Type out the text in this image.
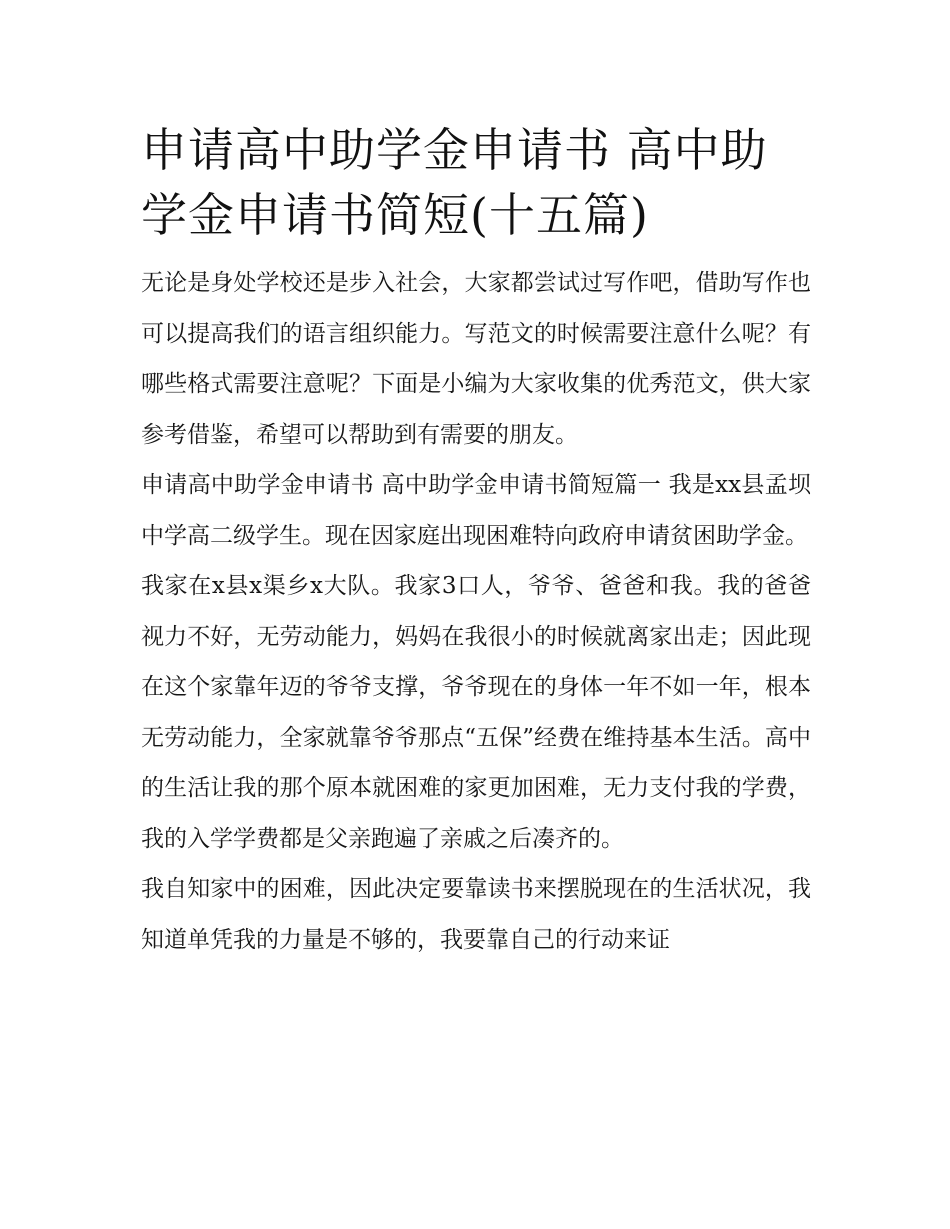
申请高中助学金申请书 高中助学金申请书简短(十五篇)

无论是身处学校还是步入社会，大家都尝试过写作吧，借助写作也可以提高我们的语言组织能力。写范文的时候需要注意什么呢？有哪些格式需要注意呢？下面是小编为大家收集的优秀范文，供大家参考借鉴，希望可以帮助到有需要的朋友。

申请高中助学金申请书 高中助学金申请书简短篇一 我是xx县孟坝中学高二级学生。现在因家庭出现困难特向政府申请贫困助学金。

我家在x县x渠乡x大队。我家3口人，爷爷、爸爸和我。我的爸爸视力不好，无劳动能力，妈妈在我很小的时候就离家出走；因此现在这个家靠年迈的爷爷支撑，爷爷现在的身体一年不如一年，根本无劳动能力，全家就靠爷爷那点“五保”经费在维持基本生活。高中的生活让我的那个原本就困难的家更加困难，无力支付我的学费，我的入学学费都是父亲跑遍了亲戚之后凑齐的。

我自知家中的困难，因此决定要靠读书来摆脱现在的生活状况，我知道单凭我的力量是不够的，我要靠自己的行动来证
